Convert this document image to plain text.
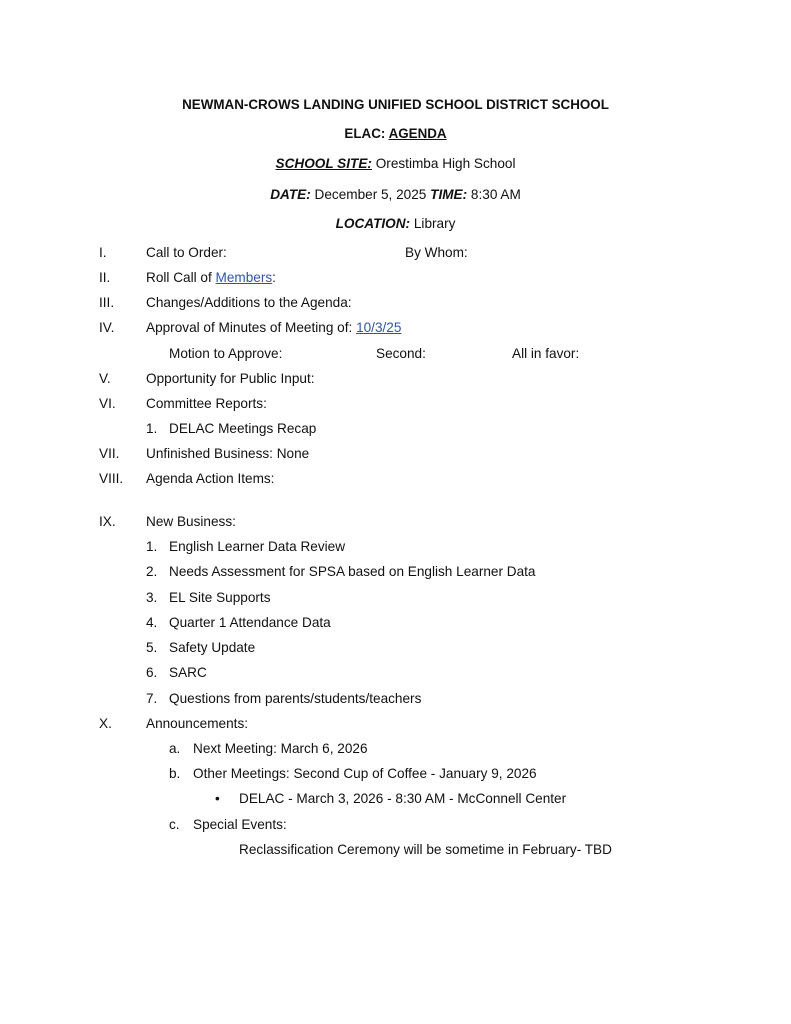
NEWMAN-CROWS LANDING UNIFIED SCHOOL DISTRICT SCHOOL
ELAC: AGENDA
SCHOOL SITE: Orestimba High School
DATE: December 5, 2025 TIME: 8:30 AM
LOCATION: Library
I.	Call to Order:	By Whom:
II.	Roll Call of Members:
III. Changes/Additions to the Agenda:
IV. Approval of Minutes of Meeting of: 10/3/25
Motion to Approve:	Second:	All in favor:
V.	Opportunity for Public Input:
VI. Committee Reports:
1. DELAC Meetings Recap
VII. Unfinished Business: None
VIII. Agenda Action Items:
IX. New Business:
1. English Learner Data Review
2. Needs Assessment for SPSA based on English Learner Data
3. EL Site Supports
4. Quarter 1 Attendance Data
5. Safety Update
6. SARC
7. Questions from parents/students/teachers
X.	Announcements:
a. Next Meeting: March 6, 2026
b. Other Meetings: Second Cup of Coffee - January 9, 2026
• DELAC - March 3, 2026 - 8:30 AM - McConnell Center
c. Special Events:
Reclassification Ceremony will be sometime in February- TBD
